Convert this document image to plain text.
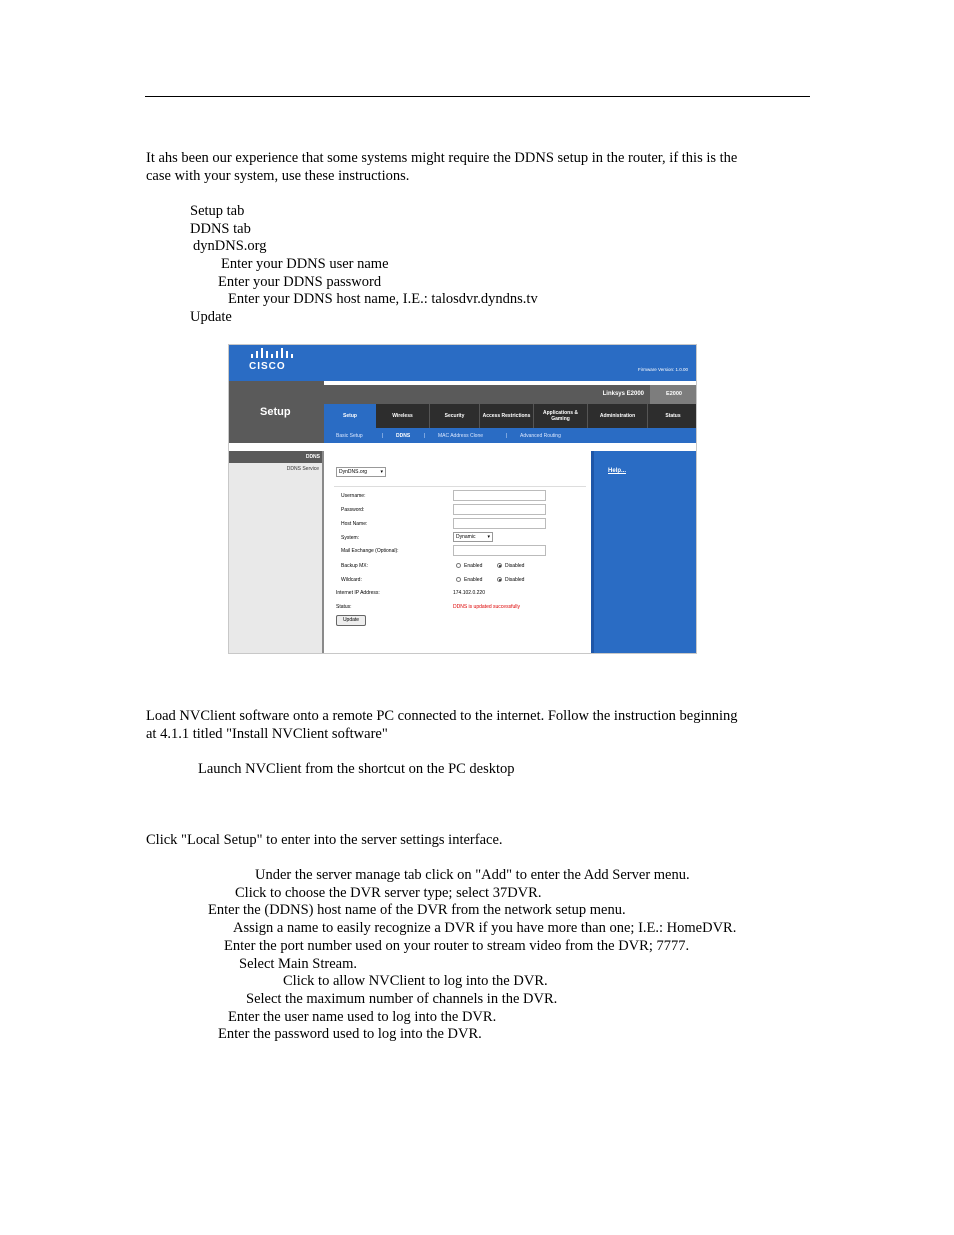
It ahs been our experience that some systems might require the DDNS setup in the router, if this is the
case with your system, use these instructions.
Setup tab
DDNS tab
dynDNS.org
Enter your DDNS user name
Enter your DDNS password
Enter your DDNS host name, I.E.: talosdvr.dyndns.tv
Update
CISCO	Firmware Version: 1.0.00
Setup
Linksys E2000	E2000
Setup	Wireless	Security	Access Restrictions	Applications & Gaming	Administration	Status
Basic Setup	|	DDNS	|	MAC Address Clone	|	Advanced Routing
DDNS
DDNS Service	DynDNS.org	▾
Username:
Password:
Host Name:
System:	Dynamic ▾
Mail Exchange (Optional):
Backup MX:	Enabled	Disabled
Wildcard:	Enabled	Disabled
Internet IP Address:	174.102.0.220
Status:	DDNS is updated successfully
Update
Help...
Load NVClient software onto a remote PC connected to the internet. Follow the instruction beginning
at 4.1.1 titled "Install NVClient software"
Launch NVClient from the shortcut on the PC desktop
Click "Local Setup" to enter into the server settings interface.
Under the server manage tab click on "Add" to enter the Add Server menu.
Click to choose the DVR server type; select 37DVR.
Enter the (DDNS) host name of the DVR from the network setup menu.
Assign a name to easily recognize a DVR if you have more than one; I.E.: HomeDVR.
Enter the port number used on your router to stream video from the DVR; 7777.
Select Main Stream.
Click to allow NVClient to log into the DVR.
Select the maximum number of channels in the DVR.
Enter the user name used to log into the DVR.
Enter the password used to log into the DVR.
